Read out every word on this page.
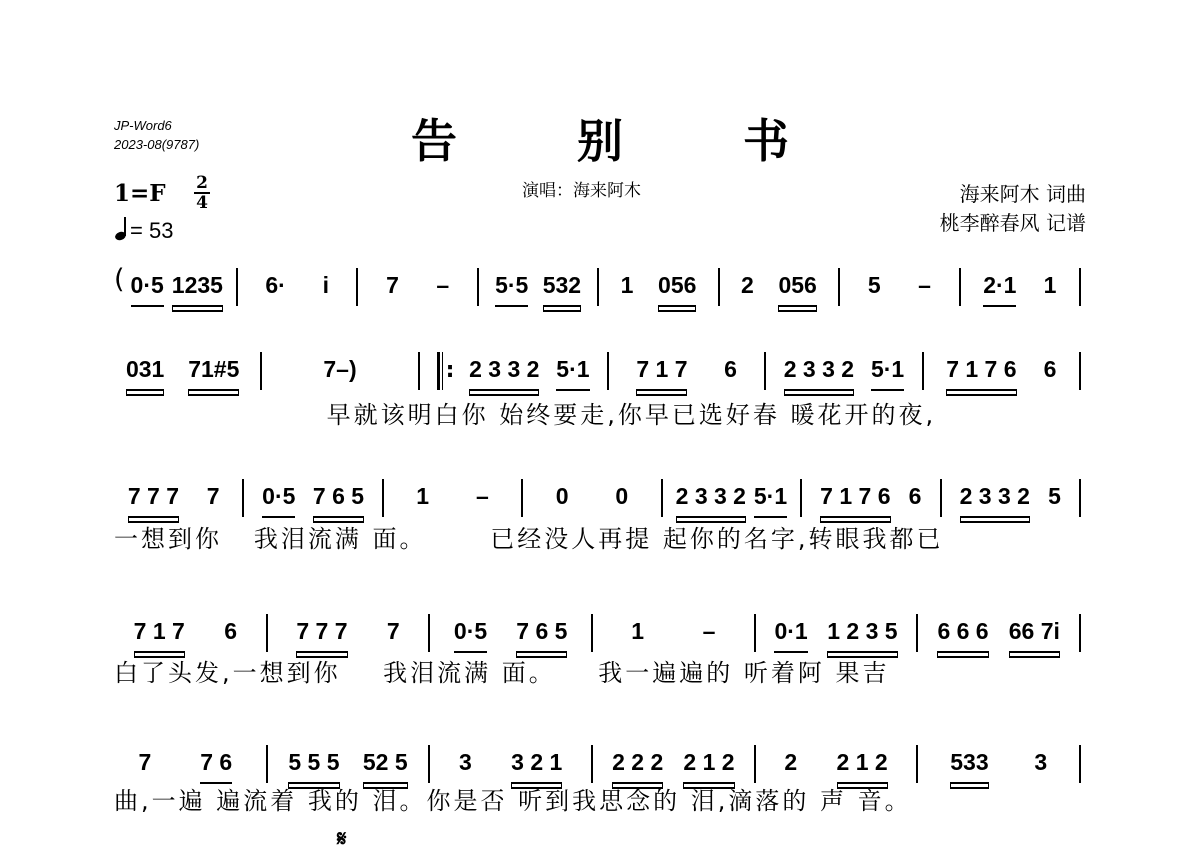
JP-Word6
2023-08(9787)	告 别 书
1=F 2
4
= 53
演唱：海来阿木	海来阿木 词曲
桃李醉春风 记谱
( 0·5 1235 6· i 7 – 5·5 532 1 056 2 056 5 – 2·1 1
031 71#5	7–)	: 2 3 3 2 5·1 7 1 7 6 2 3 3 2 5·1 7 1 7 6 6
早就该明白你 始终要走,你早已选好春 暖花开的夜,
7 7 7 7 0·5 7 6 5 1 –	0 0 2 3 3 2 5·1 7 1 7 6 6 2 3 3 2 5
一想到你   我泪流满 面。      已经没人再提 起你的名字,转眼我都已
7 1 7 6	7 7 7 7 0·5 7 6 5	1	–	0·1 1 2 3 5 6 6 6 66 7i
白了头发,一想到你    我泪流满 面。    我一遍遍的 听着阿 果吉
7 7 6 5 5 5 52 5 3 3 2 1 2 2 2 2 1 2 2 2 1 2	533 3
曲,一遍 遍流着 我的 泪。你是否 听到我思念的 泪,滴落的 声 音。
𝄋
